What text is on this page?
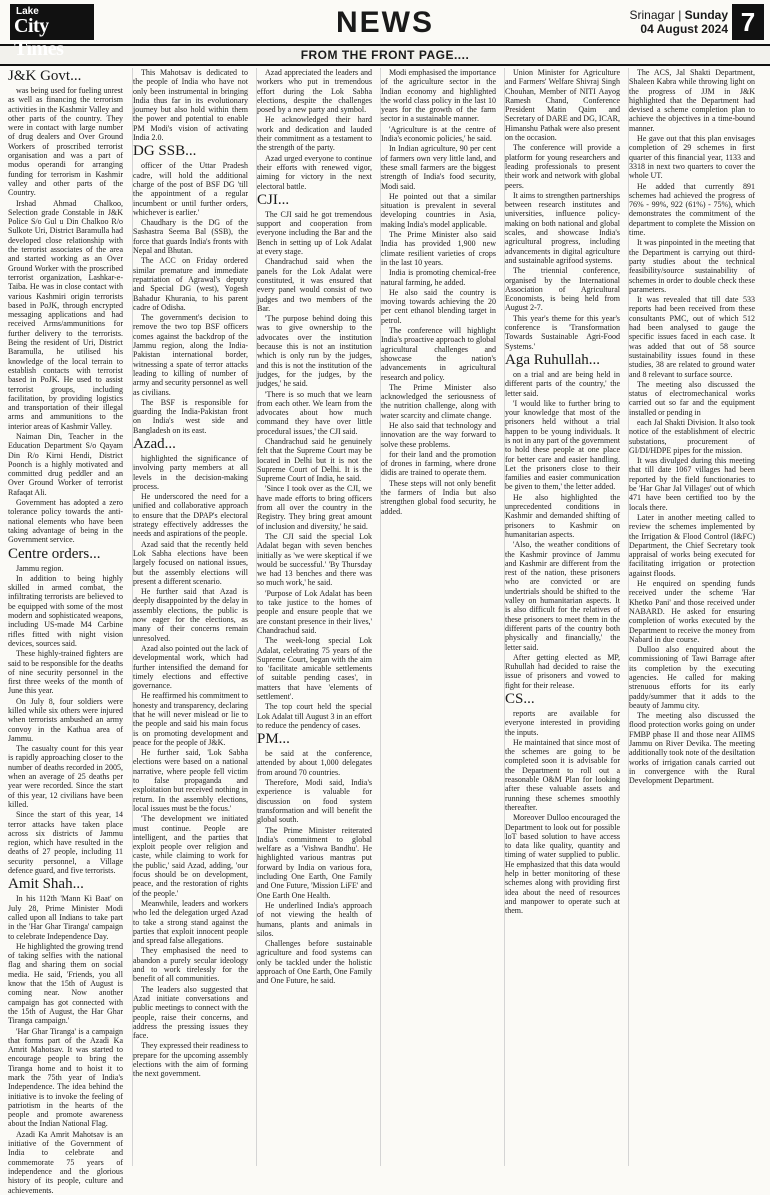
Lake
City Times
NEWS	Srinagar | Sunday
04 August 2024 7
FROM THE FRONT PAGE....

J&K Govt...

was being used for fueling unrest as well as financing the terrorism activities in the Kashmir Valley and other parts of the country. They were in contact with large number of drug dealers and Over Ground Workers of proscribed terrorist organisation and was a part of modus operandi for arranging funding for terrorism in Kashmir valley and other parts of the Country.

Irshad Ahmad Chalkoo, Selection grade Constable in J&K Police S/o Gul u Din Chalkoo R/o Sulkote Uri, District Baramulla had developed close relationship with the terrorist associates of the area and started working as an Over Ground Worker with the proscribed terrorist organization, Lashkar-e-Taiba. He was in close contact with various Kashmiri origin terrorists based in PoJK, through encrypted messaging applications and had received Arms/ammunitions for further delivery to the terrorists. Being the resident of Uri, District Baramulla, he utilised his knowledge of the local terrain to establish contacts with terrorist based in PoJK. He used to assist terrorist groups, including facilitation, by providing logistics and transportation of their illegal arms and ammunitions to the interior areas of Kashmir Valley.

Naiman Din, Teacher in the Education Department S/o Qayam Din R/o Kirni Hendi, District Poonch is a highly motivated and committed drug peddler and an Over Ground Worker of terrorist Rafaqat Ali.

Government has adopted a zero tolerance policy towards the anti-national elements who have been taking advantage of being in the Government service.

Centre orders...

Jammu region.

In addition to being highly skilled in armed combat, the infiltrating terrorists are believed to be equipped with some of the most modern and sophisticated weapons, including US-made M4 Carbine rifles fitted with night vision devices, sources said.

These highly-trained fighters are said to be responsible for the deaths of nine security personnel in the first three weeks of the month of June this year.

On July 8, four soldiers were killed while six others were injured when terrorists ambushed an army convoy in the Kathua area of Jammu.

The casualty count for this year is rapidly approaching closer to the number of deaths recorded in 2005, when an average of 25 deaths per year were recorded. Since the start of this year, 12 civilians have been killed.

Since the start of this year, 14 terror attacks have taken place across six districts of Jammu region, which have resulted in the deaths of 27 people, including 11 security personnel, a Village defence guard, and five terrorists.

Amit Shah...

In his 112th 'Mann Ki Baat' on July 28, Prime Minister Modi called upon all Indians to take part in the 'Har Ghar Tiranga' campaign to celebrate Independence Day.

He highlighted the growing trend of taking selfies with the national flag and sharing them on social media. He said, 'Friends, you all know that the 15th of August is coming near. Now another campaign has got connected with the 15th of August, the Har Ghar Tiranga campaign.'

'Har Ghar Tiranga' is a campaign that forms part of the Azadi Ka Amrit Mahotsav. It was started to encourage people to bring the Tiranga home and to hoist it to mark the 75th year of India's Independence. The idea behind the initiative is to invoke the feeling of patriotism in the hearts of the people and promote awareness about the Indian National Flag.

Azadi Ka Amrit Mahotsav is an initiative of the Government of India to celebrate and commemorate 75 years of independence and the glorious history of its people, culture and achievements.

This Mahotsav is dedicated to the people of India who have not only been instrumental in bringing India thus far in its evolutionary journey but also hold within them the power and potential to enable PM Modi's vision of activating India 2.0.

DG SSB...

officer of the Uttar Pradesh cadre, will hold the additional charge of the post of BSF DG 'till the appointment of a regular incumbent or until further orders, whichever is earlier.'

Chaudhary is the DG of the Sashastra Seema Bal (SSB), the force that guards India's fronts with Nepal and Bhutan.

The ACC on Friday ordered similar premature and immediate repatriation of Agrawal's deputy and Special DG (west), Yogesh Bahadur Khurania, to his parent cadre of Odisha.

The government's decision to remove the two top BSF officers comes against the backdrop of the Jammu region, along the India-Pakistan international border, witnessing a spate of terror attacks leading to killing of number of army and security personnel as well as civilians.

The BSF is responsible for guarding the India-Pakistan front on India's west side and Bangladesh on its east.

Azad...

highlighted the significance of involving party members at all levels in the decision-making process.

He underscored the need for a unified and collaborative approach to ensure that the DPAP's electoral strategy effectively addresses the needs and aspirations of the people.

Azad said that the recently held Lok Sabha elections have been largely focused on national issues, but the assembly elections will present a different scenario.

He further said that Azad is deeply disappointed by the delay in assembly elections, the public is now eager for the elections, as many of their concerns remain unresolved.

Azad also pointed out the lack of developmental work, which had further intensified the demand for timely elections and effective governance.

He reaffirmed his commitment to honesty and transparency, declaring that he will never mislead or lie to the people and said his main focus is on promoting development and peace for the people of J&K.

He further said, 'Lok Sabha elections were based on a national narrative, where people fell victim to false propaganda and exploitation but received nothing in return. In the assembly elections, local issues must be the focus.'

'The development we initiated must continue. People are intelligent, and the parties that exploit people over religion and caste, while claiming to work for the public,' said Azad, adding, 'our focus should be on development, peace, and the restoration of rights of the people.'

Meanwhile, leaders and workers who led the delegation urged Azad to take a strong stand against the parties that exploit innocent people and spread false allegations.

They emphasised the need to abandon a purely secular ideology and to work tirelessly for the benefit of all communities.

The leaders also suggested that Azad initiate conversations and public meetings to connect with the people, raise their concerns, and address the pressing issues they face.

They expressed their readiness to prepare for the upcoming assembly elections with the aim of forming the next government.

Azad appreciated the leaders and workers who put in tremendous effort during the Lok Sabha elections, despite the challenges posed by a new party and symbol.

He acknowledged their hard work and dedication and lauded their commitment as a testament to the strength of the party.

Azad urged everyone to continue their efforts with renewed vigor, aiming for victory in the next electoral battle.

CJI...

The CJI said he got tremendous support and cooperation from everyone including the Bar and the Bench in setting up of Lok Adalat at every stage.

Chandrachud said when the panels for the Lok Adalat were constituted, it was ensured that every panel would consist of two judges and two members of the Bar.

'The purpose behind doing this was to give ownership to the advocates over the institution because this is not an institution which is only run by the judges, and this is not the institution of the judges, for the judges, by the judges,' he said.

'There is so much that we learn from each other. We learn from the advocates about how much command they have over little procedural issues,' the CJI said.

Chandrachud said he genuinely felt that the Supreme Court may be located in Delhi but it is not the Supreme Court of Delhi. It is the Supreme Court of India, he said.

'Since I took over as the CJI, we have made efforts to bring officers from all over the country in the Registry. They bring great amount of inclusion and diversity,' he said.

The CJI said the special Lok Adalat began with seven benches initially as 'we were skeptical if we would be successful.' 'By Thursday we had 13 benches and there was so much work,' he said.

'Purpose of Lok Adalat has been to take justice to the homes of people and ensure people that we are constant presence in their lives,' Chandrachud said.

The week-long special Lok Adalat, celebrating 75 years of the Supreme Court, began with the aim to 'facilitate amicable settlements of suitable pending cases', in matters that have 'elements of settlement'.

The top court held the special Lok Adalat till August 3 in an effort to reduce the pendency of cases.

PM...

be said at the conference, attended by about 1,000 delegates from around 70 countries.

Therefore, Modi said, India's experience is valuable for discussion on food system transformation and will benefit the global south.

The Prime Minister reiterated India's commitment to global welfare as a 'Vishwa Bandhu'. He highlighted various mantras put forward by India on various fora, including One Earth, One Family and One Future, 'Mission LiFE' and One Earth One Health.

He underlined India's approach of not viewing the health of humans, plants and animals in silos.

Challenges before sustainable agriculture and food systems can only be tackled under the holistic approach of One Earth, One Family and One Future, he said.

Modi emphasised the importance of the agriculture sector in the Indian economy and highlighted the world class policy in the last 10 years for the growth of the farm sector in a sustainable manner.

'Agriculture is at the centre of India's economic policies,' he said.

In Indian agriculture, 90 per cent of farmers own very little land, and these small farmers are the biggest strength of India's food security, Modi said.

He pointed out that a similar situation is prevalent in several developing countries in Asia, making India's model applicable.

The Prime Minister also said India has provided 1,900 new climate resilient varieties of crops in the last 10 years.

India is promoting chemical-free natural farming, he added.

He also said the country is moving towards achieving the 20 per cent ethanol blending target in petrol.

The conference will highlight India's proactive approach to global agricultural challenges and showcase the nation's advancements in agricultural research and policy.

The Prime Minister also acknowledged the seriousness of the nutrition challenge, along with water scarcity and climate change.

He also said that technology and innovation are the way forward to solve these problems.

for their land and the promotion of drones in farming, where drone didis are trained to operate them.

These steps will not only benefit the farmers of India but also strengthen global food security, he added.

Union Minister for Agriculture and Farmers' Welfare Shivraj Singh Chouhan, Member of NITI Aayog Ramesh Chand, Conference President Matin Qaim and Secretary of DARE and DG, ICAR, Himanshu Pathak were also present on the occasion.

The conference will provide a platform for young researchers and leading professionals to present their work and network with global peers.

It aims to strengthen partnerships between research institutes and universities, influence policy-making on both national and global scales, and showcase India's agricultural progress, including advancements in digital agriculture and sustainable agrifood systems.

The triennial conference, organised by the International Association of Agricultural Economists, is being held from August 2-7.

This year's theme for this year's conference is 'Transformation Towards Sustainable Agri-Food Systems.'

Aga Ruhullah...

on a trial and are being held in different parts of the country,' the letter said.

'I would like to further bring to your knowledge that most of the prisoners held without a trial happen to be young individuals. It is not in any part of the government to hold these people at one place for better care and easier handling. Let the prisoners close to their families and easier communication be given to them,' the letter added.

He also highlighted the unprecedented conditions in Kashmir and demanded shifting of prisoners to Kashmir on humanitarian aspects.

'Also, the weather conditions of the Kashmir province of Jammu and Kashmir are different from the rest of the nation, these prisoners who are convicted or are undertrials should be shifted to the valley on humanitarian aspects. It is also difficult for the relatives of these prisoners to meet them in the different parts of the country both physically and financially,' the letter said.

After getting elected as MP, Ruhullah had decided to raise the issue of prisoners and vowed to fight for their release.

CS...

reports are available for everyone interested in providing the inputs.

He maintained that since most of the schemes are going to be completed soon it is advisable for the Department to roll out a reasonable O&M Plan for looking after these valuable assets and running these schemes smoothly thereafter.

Moreover Dulloo encouraged the Department to look out for possible IoT based solution to have access to data like quality, quantity and timing of water supplied to public. He emphasized that this data would help in better monitoring of these schemes along with providing first idea about the need of resources and manpower to operate such at them.

The ACS, Jal Shakti Department, Shaleen Kabra while throwing light on the progress of JJM in J&K highlighted that the Department had devised a scheme completion plan to achieve the objectives in a time-bound manner.

He gave out that this plan envisages completion of 29 schemes in first quarter of this financial year, 1133 and 3318 in next two quarters to cover the whole UT.

He added that currently 891 schemes had achieved the progress of 76% - 99%, 922 (61%) - 75%), which demonstrates the commitment of the department to complete the Mission on time.

It was pinpointed in the meeting that the Department is carrying out third-party studies about the technical feasibility/source sustainability of schemes in order to double check these parameters.

It was revealed that till date 533 reports had been received from these consultants PMC, out of which 512 had been analysed to gauge the specific issues faced in each case. It was added that out of 58 source sustainability issues found in these studies, 38 are related to ground water and 8 relevant to surface source.

The meeting also discussed the status of electromechanical works carried out so far and the equipment installed or pending in

each Jal Shakti Division. It also took notice of the establishment of electric substations, procurement of GI/DI/HDPE pipes for the mission.

It was divulged during this meeting that till date 1067 villages had been reported by the field functionaries to be 'Har Ghar Jal Villages' out of which 471 have been certified too by the locals there.

Later in another meeting called to review the schemes implemented by the Irrigation & Flood Control (I&FC) Department, the Chief Secretary took appraisal of works being executed for facilitating irrigation or protection against floods.

He enquired on spending funds received under the scheme 'Har Khetko Pani' and those received under NABARD. He asked for ensuring completion of works executed by the Department to receive the money from Nabard in due course.

Dulloo also enquired about the commissioning of Tawi Barrage after its completion by the executing agencies. He called for making strenuous efforts for its early paddy/summer that it adds to the beauty of Jammu city.

The meeting also discussed the flood protection works going on under FMBP phase II and those near AIIMS Jammu on River Devika. The meeting additionally took note of the desiltation works of irrigation canals carried out in convergence with the Rural Development Department.
